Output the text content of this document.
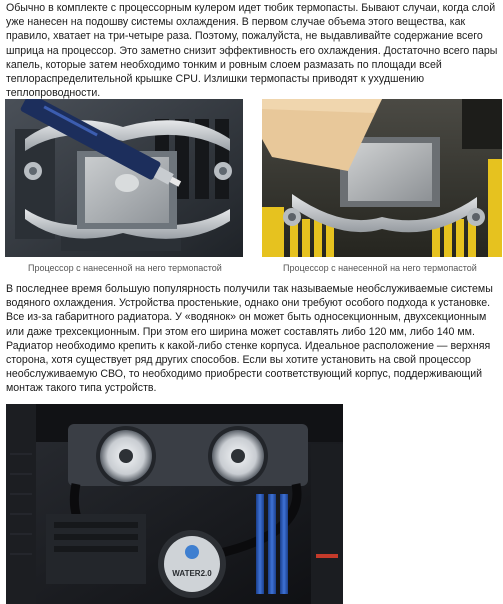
Обычно в комплекте с процессорным кулером идет тюбик термопасты. Бывают случаи, когда слой уже нанесен на подошву системы охлаждения. В первом случае объема этого вещества, как правило, хватает на три-четыре раза. Поэтому, пожалуйста, не выдавливайте содержание всего шприца на процессор. Это заметно снизит эффективность его охлаждения. Достаточно всего пары капель, которые затем необходимо тонким и ровным слоем размазать по площади всей теплораспределительной крышке CPU. Излишки термопасты приводят к ухудшению теплопроводности.

Процессор с нанесенной на него термопастой	Процессор с нанесенной на него термопастой

В последнее время большую популярность получили так называемые необслуживаемые системы водяного охлаждения. Устройства простенькие, однако они требуют особого подхода к установке. Все из-за габаритного радиатора. У «водянок» он может быть односекционным, двухсекционным или даже трехсекционным. При этом его ширина может составлять либо 120 мм, либо 140 мм. Радиатор необходимо крепить к какой-либо стенке корпуса. Идеальное расположение — верхняя сторона, хотя существует ряд других способов. Если вы хотите установить на свой процессор необслуживаемую СВО, то необходимо приобрести соответствующий корпус, поддерживающий монтаж такого типа устройств.

WATER2.0
